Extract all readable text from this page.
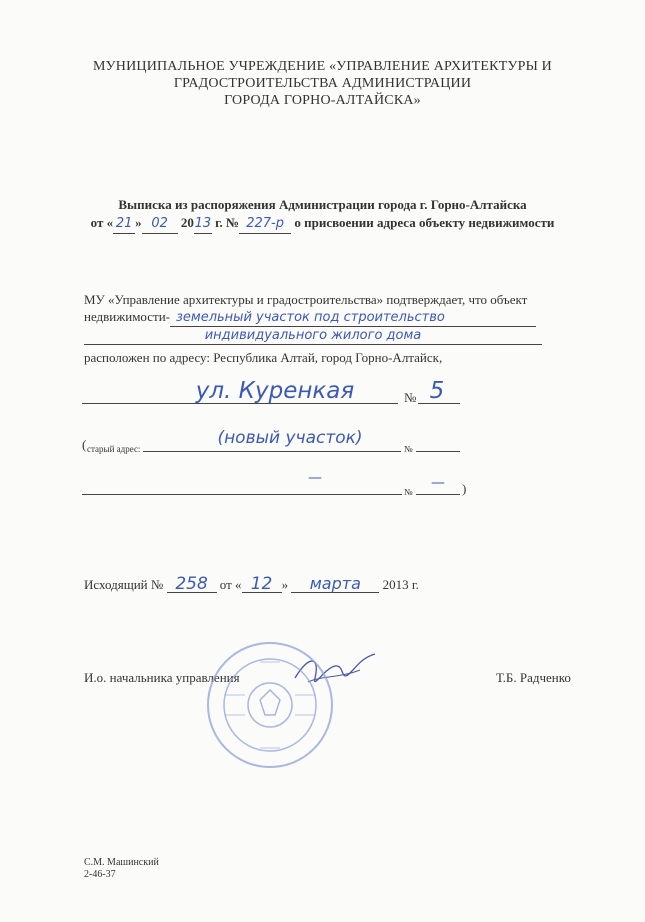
МУНИЦИПАЛЬНОЕ УЧРЕЖДЕНИЕ «УПРАВЛЕНИЕ АРХИТЕКТУРЫ И
ГРАДОСТРОИТЕЛЬСТВА АДМИНИСТРАЦИИ
ГОРОДА ГОРНО-АЛТАЙСКА»
Выписка из распоряжения Администрации города г. Горно-Алтайска
от « 21 » 02 2013 г. № 227-р о присвоении адреса объекту недвижимости
МУ «Управление архитектуры и градостроительства» подтверждает, что объект
недвижимости- земельный участок под строительство
индивидуального жилого дома
расположен по адресу: Республика Алтай, город Горно-Алтайск,
ул. Куренкая	№ 5
( старый адрес:
(новый участок)
№
—
№
—	)
Исходящий № 258 от « 12 » марта 2013 г.
И.о. начальника управления	Т.Б. Радченко
С.М. Машинский
2-46-37
